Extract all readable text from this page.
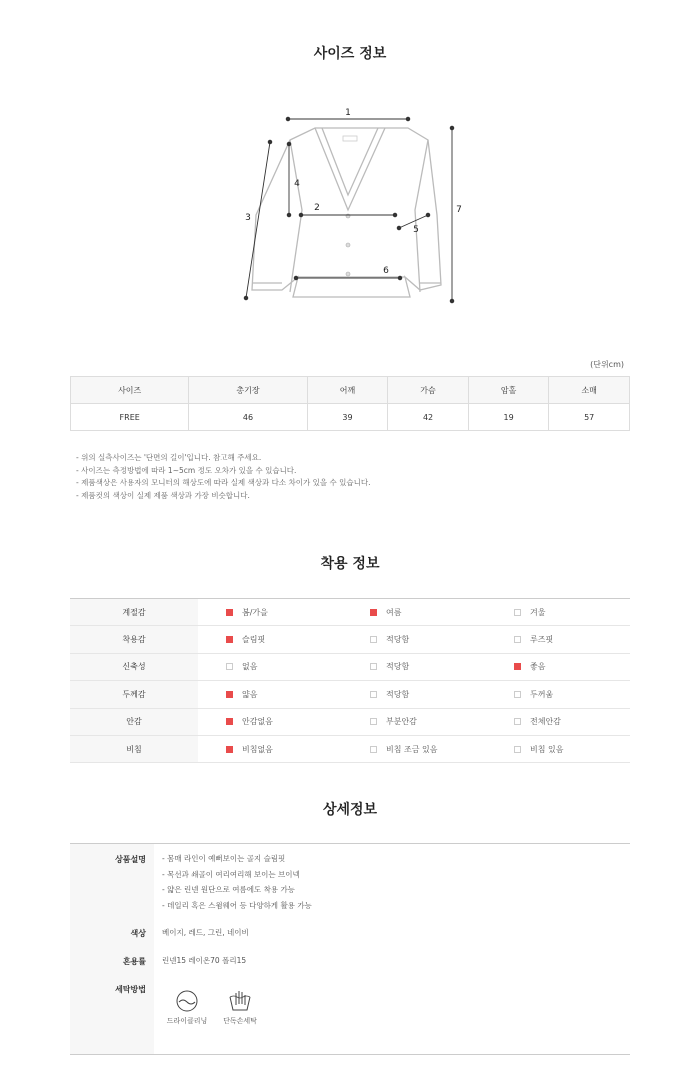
사이즈 정보
1
2
3
4
5
6
7
(단위cm)
사이즈	총기장	어깨	가슴	암홀	소매
FREE	46	39	42	19	57
- 위의 실측사이즈는 '단면의 길이'입니다. 참고해 주세요.
- 사이즈는 측정방법에 따라 1~5cm 정도 오차가 있을 수 있습니다.
- 제품색상은 사용자의 모니터의 해상도에 따라 실제 색상과 다소 차이가 있을 수 있습니다.
- 제품컷의 색상이 실제 제품 색상과 가장 비슷합니다.
착용 정보
계절감	봄/가을	여름	겨울

착용감	슬림핏	적당함	루즈핏

신축성	없음	적당함	좋음

두께감	얇음	적당함	두꺼움

안감	안감없음	부분안감	전체안감

비침	비침없음	비침 조금 있음	비침 있음
상세정보
상품설명 - 몸매 라인이 예뻐보이는 골지 슬림핏
- 목선과 쇄골이 여리여리해 보이는 브이넥
- 얇은 린넨 원단으로 여름에도 착용 가능
- 데일리 혹은 스윔웨어 등 다양하게 활용 가능
색상 베이지, 레드, 그린, 네이비
혼용률 린넨15 레이온70 폴리15
세탁방법
드라이클리닝	단독손세탁
